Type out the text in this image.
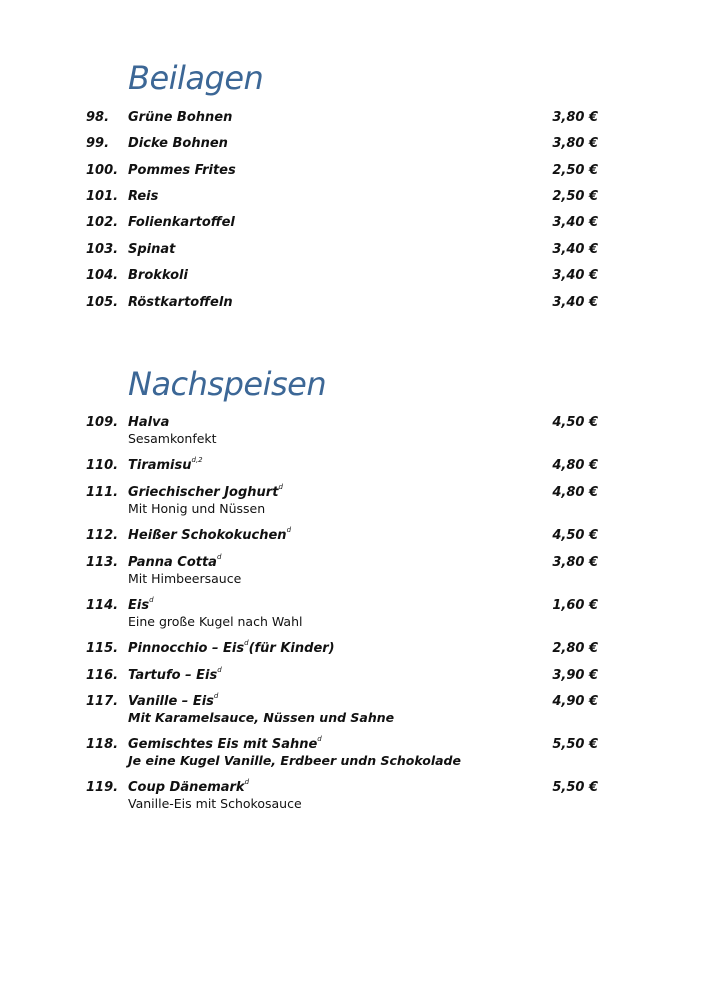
Beilagen
98. Grüne Bohnen	3,80 €
99. Dicke Bohnen	3,80 €
100. Pommes Frites	2,50 €
101. Reis	2,50 €
102. Folienkartoffel	3,40 €
103. Spinat	3,40 €
104. Brokkoli	3,40 €
105. Röstkartoffeln	3,40 €
Nachspeisen
109. Halva	4,50 €
Sesamkonfekt
110. Tiramisu$^{d,2}$	4,80 €
111. Griechischer Joghurt$^d$	4,80 €
Mit Honig und Nüssen
112. Heißer Schokokuchen$^d$	4,50 €
113. Panna Cotta$^d$	3,80 €
Mit Himbeersauce
114. Eis$^d$	1,60 €
Eine große Kugel nach Wahl
115. Pinnocchio – Eis$^d$(für Kinder)	2,80 €
116. Tartufo – Eis$^d$	3,90 €
117. Vanille – Eis$^d$	4,90 €
Mit Karamelsauce, Nüssen und Sahne
118. Gemischtes Eis mit Sahne$^d$	5,50 €
Je eine Kugel Vanille, Erdbeer undn Schokolade
119. Coup Dänemark$^d$	5,50 €
Vanille-Eis mit Schokosauce
